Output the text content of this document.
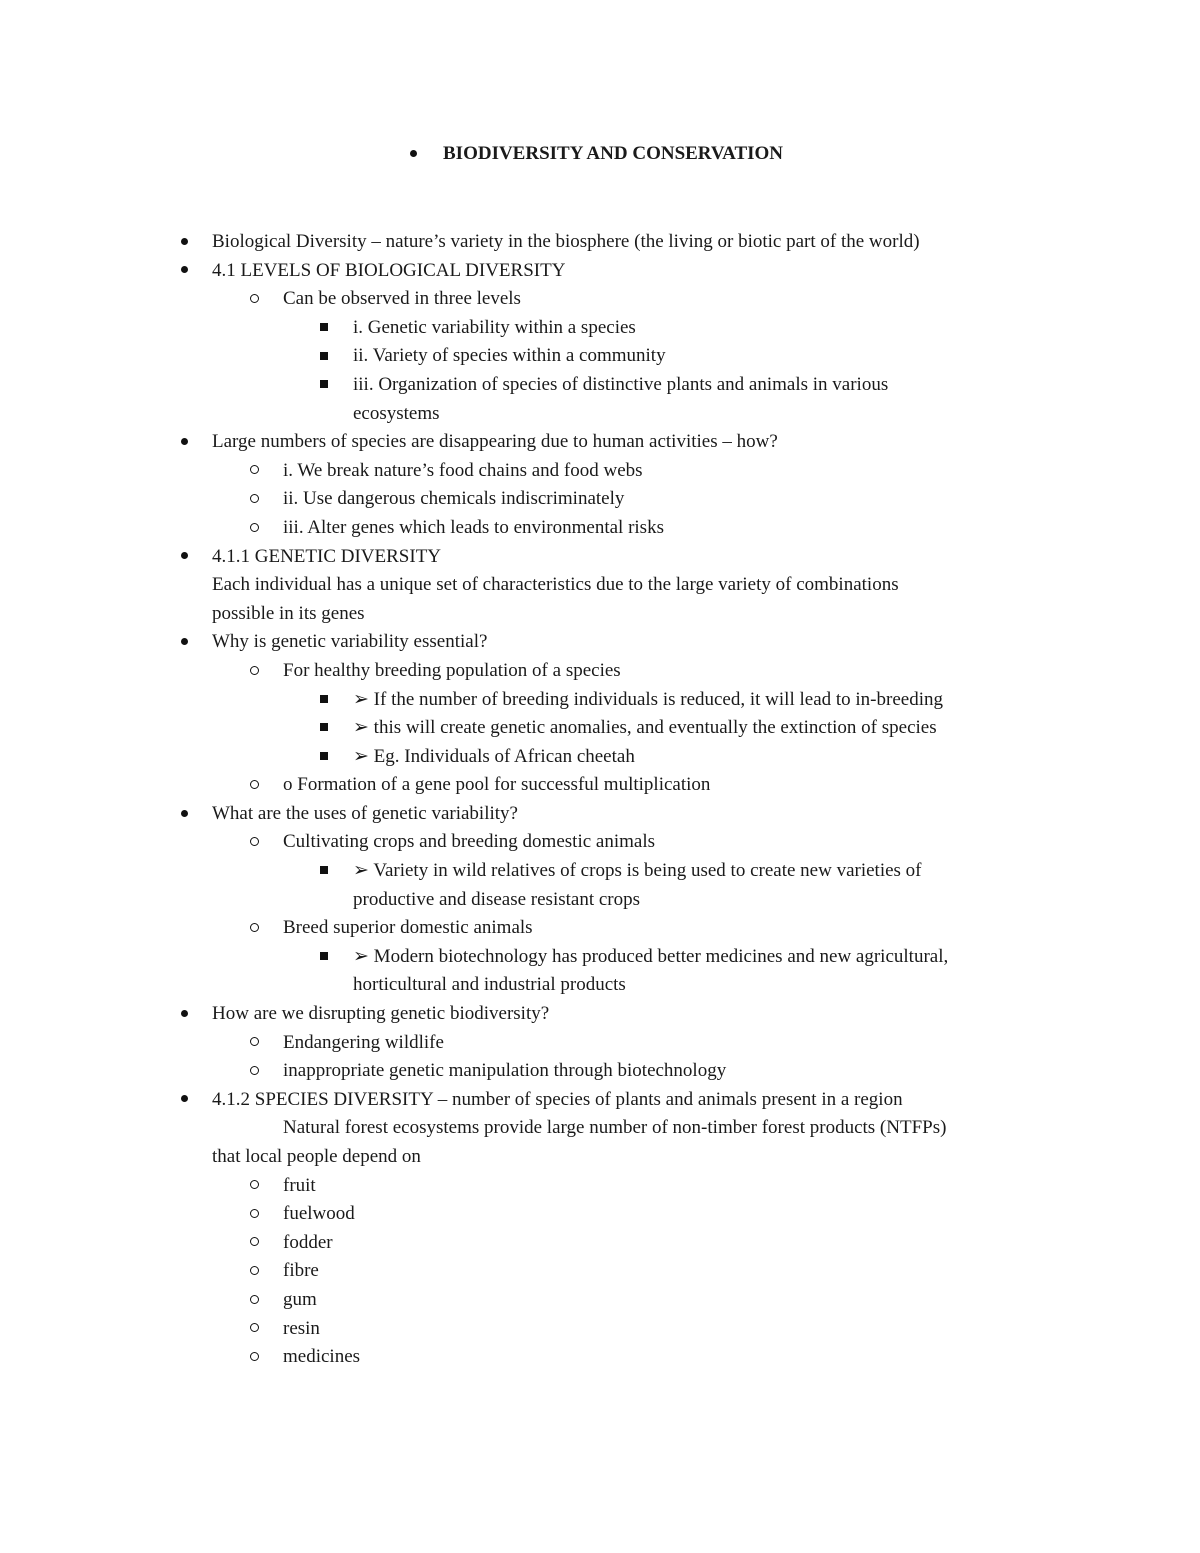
BIODIVERSITY AND CONSERVATION
Biological Diversity – nature’s variety in the biosphere (the living or biotic part of the world)
4.1 LEVELS OF BIOLOGICAL DIVERSITY
Can be observed in three levels
i. Genetic variability within a species
ii. Variety of species within a community
iii. Organization of species of distinctive plants and animals in various
ecosystems
Large numbers of species are disappearing due to human activities – how?
i. We break nature’s food chains and food webs
ii. Use dangerous chemicals indiscriminately
iii. Alter genes which leads to environmental risks
4.1.1 GENETIC DIVERSITY
Each individual has a unique set of characteristics due to the large variety of combinations
possible in its genes
Why is genetic variability essential?
For healthy breeding population of a species
➢ If the number of breeding individuals is reduced, it will lead to in-breeding
➢ this will create genetic anomalies, and eventually the extinction of species
➢ Eg. Individuals of African cheetah
o Formation of a gene pool for successful multiplication
What are the uses of genetic variability?
Cultivating crops and breeding domestic animals
➢ Variety in wild relatives of crops is being used to create new varieties of
productive and disease resistant crops
Breed superior domestic animals
➢ Modern biotechnology has produced better medicines and new agricultural,
horticultural and industrial products
How are we disrupting genetic biodiversity?
Endangering wildlife
inappropriate genetic manipulation through biotechnology
4.1.2 SPECIES DIVERSITY – number of species of plants and animals present in a region
Natural forest ecosystems provide large number of non-timber forest products (NTFPs)
that local people depend on
fruit
fuelwood
fodder
fibre
gum
resin
medicines
